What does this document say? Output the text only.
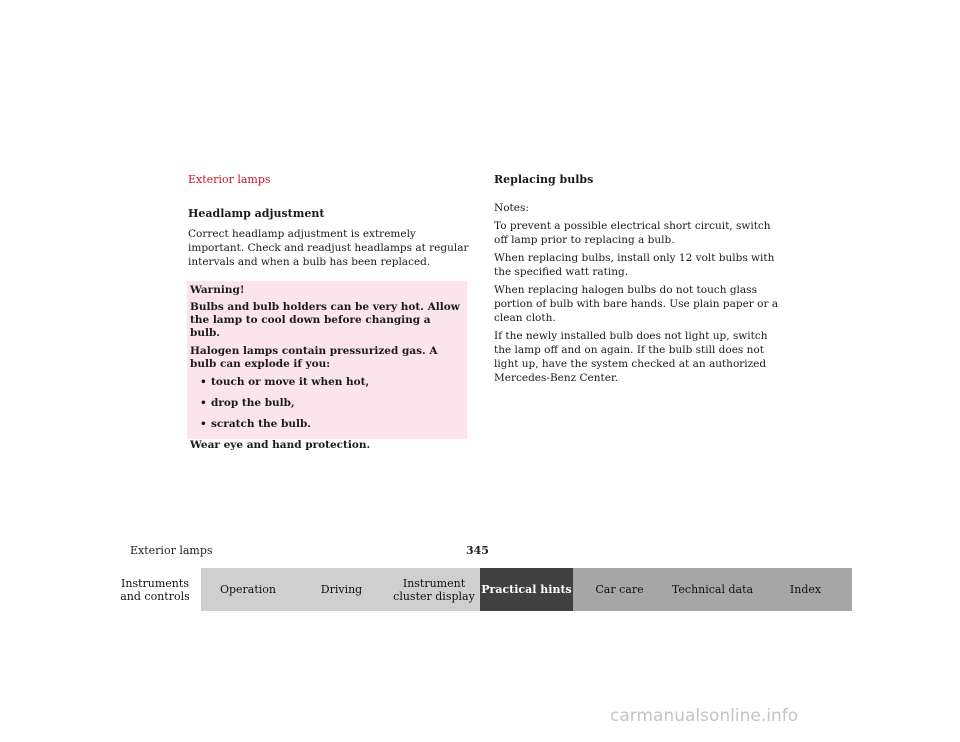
Exterior lamps
Headlamp adjustment

Correct headlamp adjustment is extremely important. Check and readjust headlamps at regular intervals and when a bulb has been replaced.

Warning!

Bulbs and bulb holders can be very hot. Allow the lamp to cool down before changing a bulb.

Halogen lamps contain pressurized gas. A bulb can explode if you:

• touch or move it when hot,
• drop the bulb,
• scratch the bulb.

Wear eye and hand protection.

Replacing bulbs

Notes:

To prevent a possible electrical short circuit, switch off lamp prior to replacing a bulb.

When replacing bulbs, install only 12 volt bulbs with the specified watt rating.

When replacing halogen bulbs do not touch glass portion of bulb with bare hands. Use plain paper or a clean cloth.

If the newly installed bulb does not light up, switch the lamp off and on again. If the bulb still does not light up, have the system checked at an authorized Mercedes-Benz Center.

Exterior lamps	345
Instruments and controls	Operation	Driving	Instrument cluster display Practical hints Car care	Technical data	Index
carmanualsonline.info
